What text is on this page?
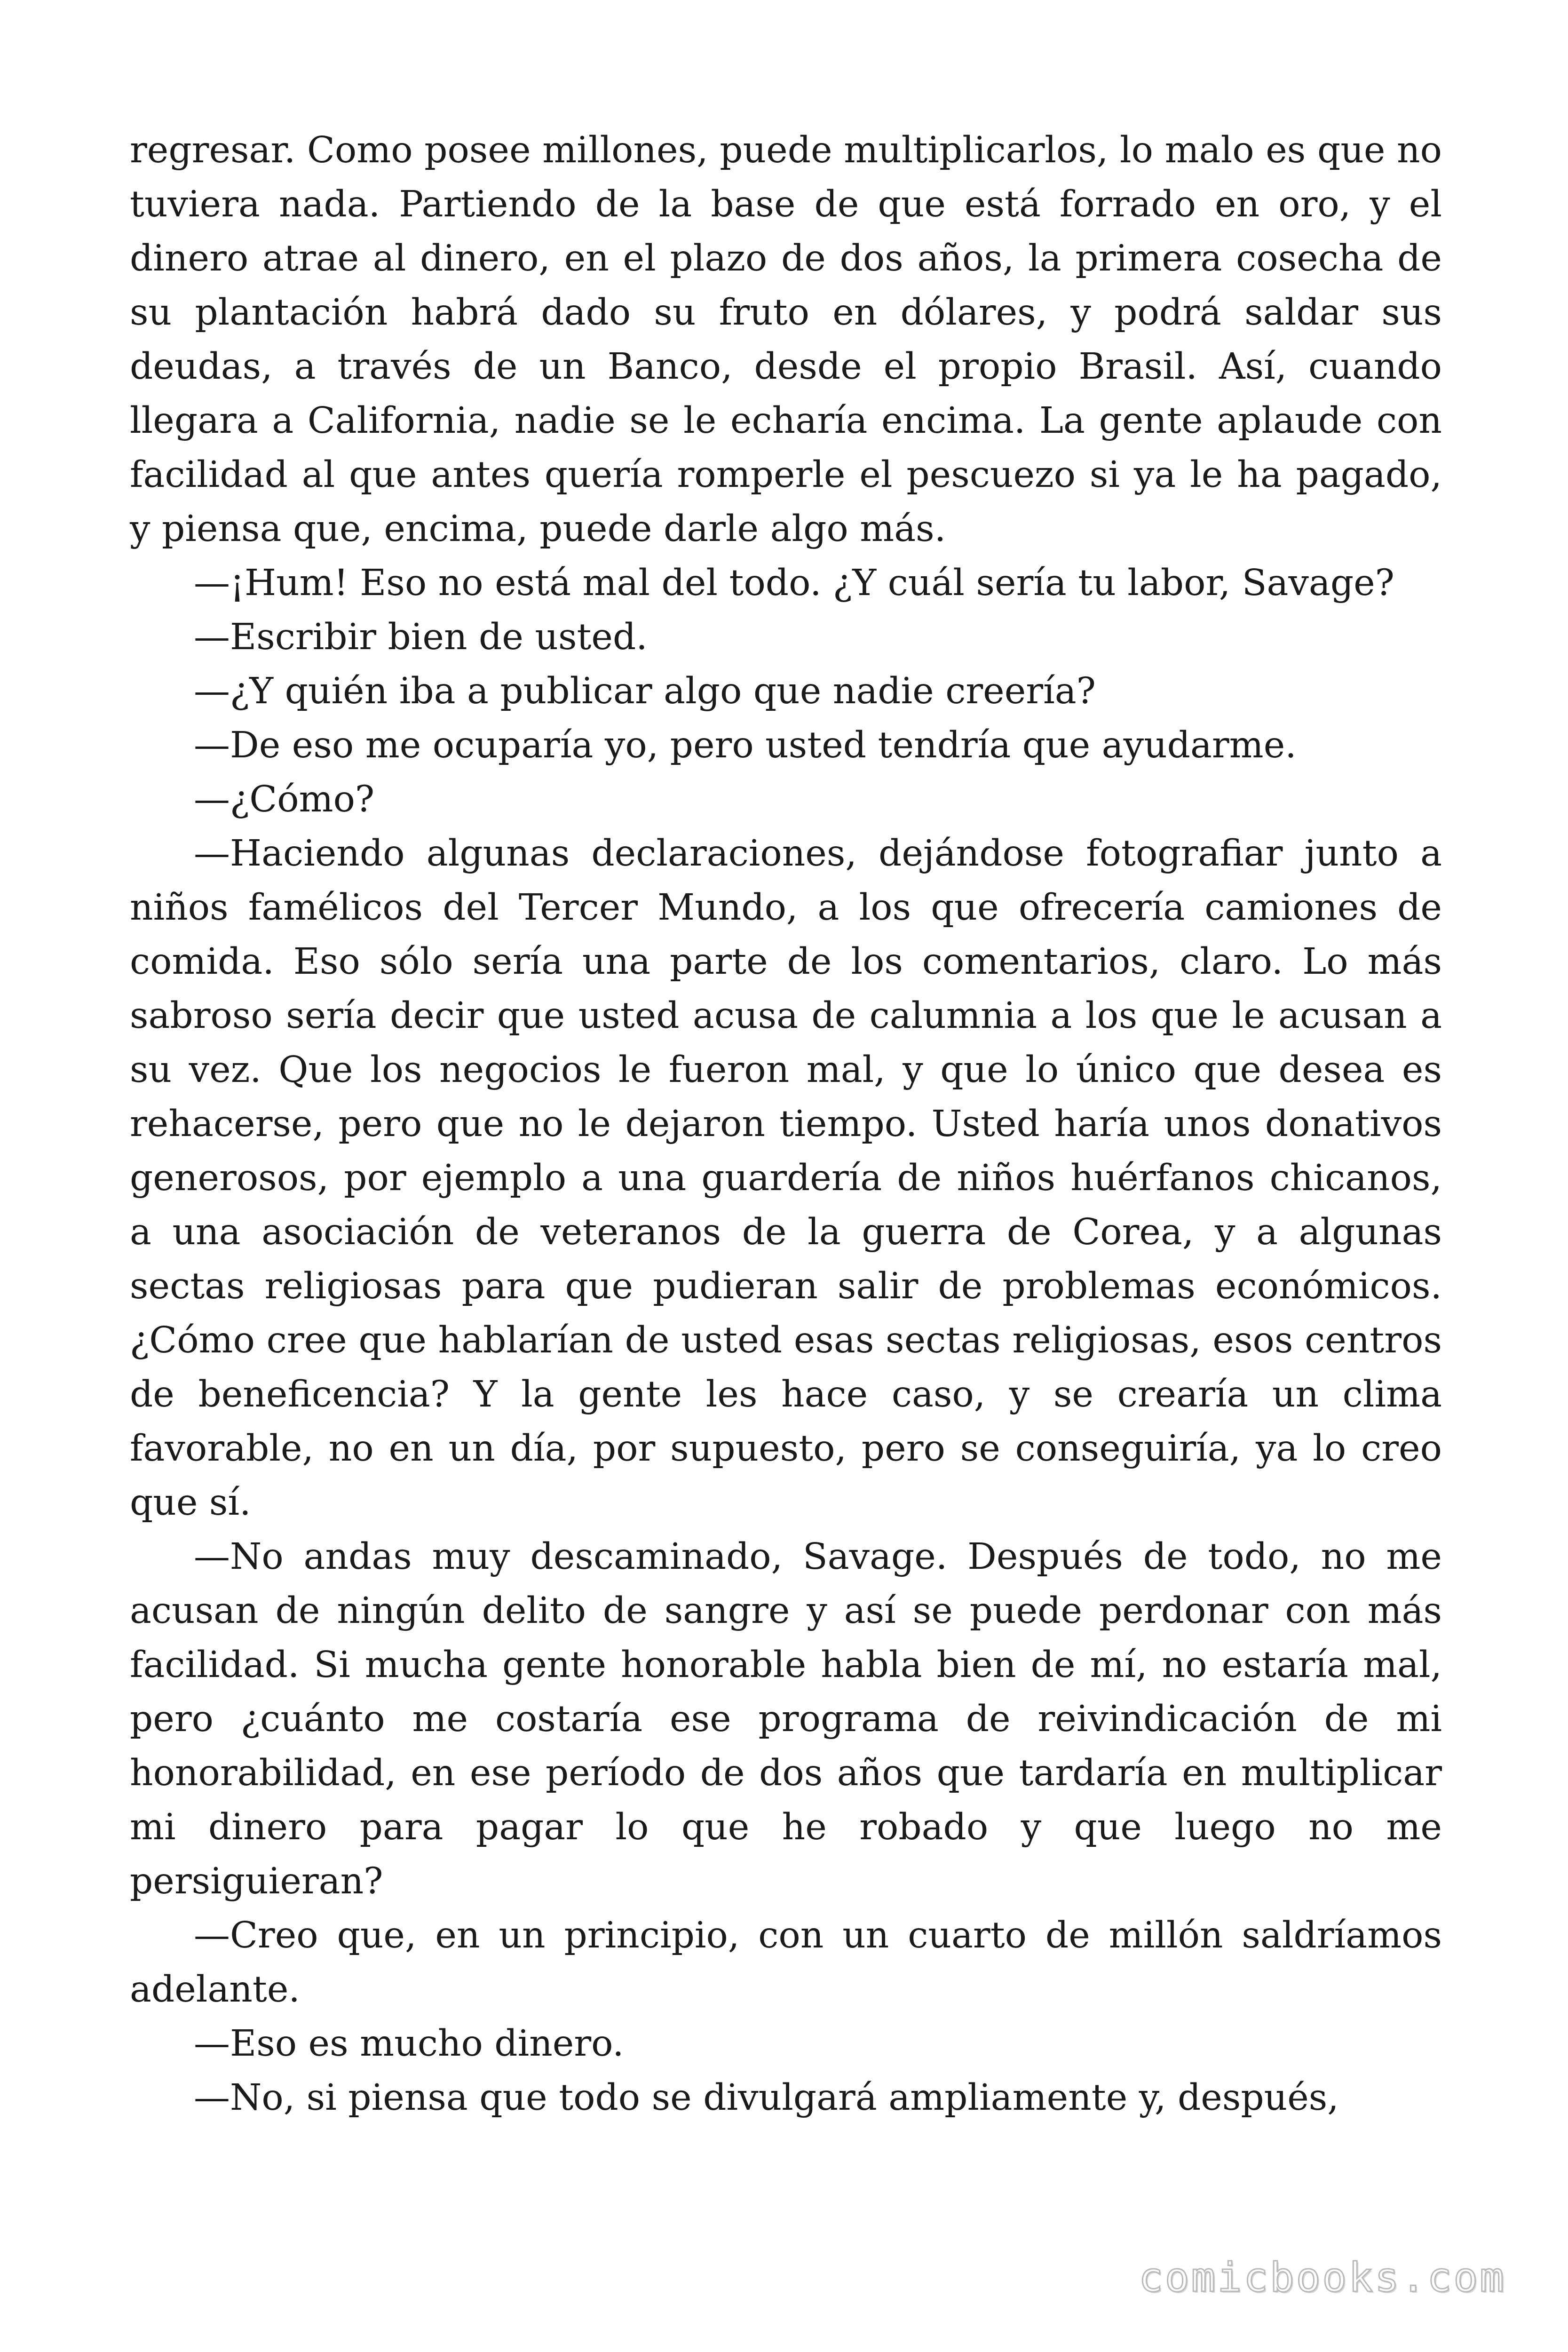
regresar. Como posee millones, puede multiplicarlos, lo malo es que no tuviera nada. Partiendo de la base de que está forrado en oro, y el dinero atrae al dinero, en el plazo de dos años, la primera cosecha de su plantación habrá dado su fruto en dólares, y podrá saldar sus deudas, a través de un Banco, desde el propio Brasil. Así, cuando llegara a California, nadie se le echaría encima. La gente aplaude con facilidad al que antes quería romperle el pescuezo si ya le ha pagado, y piensa que, encima, puede darle algo más.

—¡Hum! Eso no está mal del todo. ¿Y cuál sería tu labor, Savage?

—Escribir bien de usted.

—¿Y quién iba a publicar algo que nadie creería?

—De eso me ocuparía yo, pero usted tendría que ayudarme.

—¿Cómo?

—Haciendo algunas declaraciones, dejándose fotografiar junto a niños famélicos del Tercer Mundo, a los que ofrecería camiones de comida. Eso sólo sería una parte de los comentarios, claro. Lo más sabroso sería decir que usted acusa de calumnia a los que le acusan a su vez. Que los negocios le fueron mal, y que lo único que desea es rehacerse, pero que no le dejaron tiempo. Usted haría unos donativos generosos, por ejemplo a una guardería de niños huérfanos chicanos, a una asociación de veteranos de la guerra de Corea, y a algunas sectas religiosas para que pudieran salir de problemas económicos. ¿Cómo cree que hablarían de usted esas sectas religiosas, esos centros de beneficencia? Y la gente les hace caso, y se crearía un clima favorable, no en un día, por supuesto, pero se conseguiría, ya lo creo que sí.

—No andas muy descaminado, Savage. Después de todo, no me acusan de ningún delito de sangre y así se puede perdonar con más facilidad. Si mucha gente honorable habla bien de mí, no estaría mal, pero ¿cuánto me costaría ese programa de reivindicación de mi honorabilidad, en ese período de dos años que tardaría en multiplicar mi dinero para pagar lo que he robado y que luego no me persiguieran?

—Creo que, en un principio, con un cuarto de millón saldríamos adelante.

—Eso es mucho dinero.

—No, si piensa que todo se divulgará ampliamente y, después,

comicbooks.com
